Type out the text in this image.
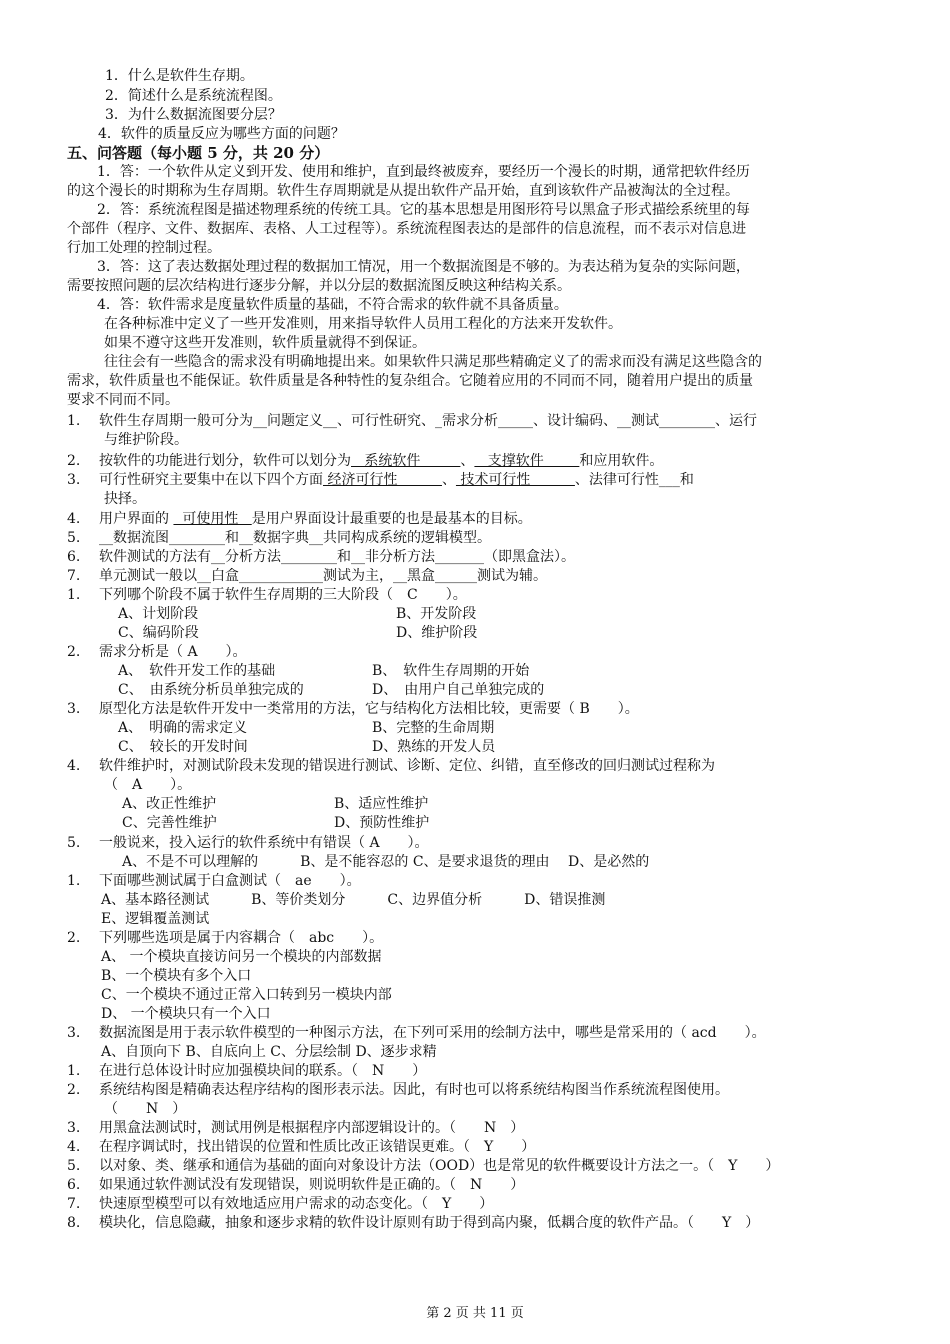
1．什么是软件生存期。
2．简述什么是系统流程图。
3．为什么数据流图要分层？
4．软件的质量反应为哪些方面的问题？
五、问答题（每小题 5 分，共 20 分）
1．答：一个软件从定义到开发、使用和维护，直到最终被废弃，要经历一个漫长的时期，通常把软件经历
的这个漫长的时期称为生存周期。软件生存周期就是从提出软件产品开始，直到该软件产品被淘汰的全过程。
2．答：系统流程图是描述物理系统的传统工具。它的基本思想是用图形符号以黑盒子形式描绘系统里的每
个部件（程序、文件、数据库、表格、人工过程等）。系统流程图表达的是部件的信息流程，而不表示对信息进
行加工处理的控制过程。
3．答：这了表达数据处理过程的数据加工情况，用一个数据流图是不够的。为表达稍为复杂的实际问题，
需要按照问题的层次结构进行逐步分解，并以分层的数据流图反映这种结构关系。
4．答：软件需求是度量软件质量的基础，不符合需求的软件就不具备质量。
在各种标准中定义了一些开发准则，用来指导软件人员用工程化的方法来开发软件。
如果不遵守这些开发准则，软件质量就得不到保证。
往往会有一些隐含的需求没有明确地提出来。如果软件只满足那些精确定义了的需求而没有满足这些隐含的
需求，软件质量也不能保证。软件质量是各种特性的复杂组合。它随着应用的不同而不同，随着用户提出的质量
要求不同而不同。
1. 软件生存周期一般可分为__问题定义__、可行性研究、_需求分析_____、设计编码、__测试________、运行
与维护阶段。
2. 按软件的功能进行划分，软件可以划分为   系统软件         、   支撑软件        和应用软件。
3. 可行性研究主要集中在以下四个方面 经济可行性          、 技术可行性          、法律可行性___和
抉择。
4. 用户界面的   可使用性   是用户界面设计最重要的也是最基本的目标。
5. __数据流图________和__数据字典__共同构成系统的逻辑模型。
6. 软件测试的方法有__分析方法________和__非分析方法_______（即黑盒法）。
7. 单元测试一般以__白盒____________测试为主，__黑盒______测试为辅。
1. 下列哪个阶段不属于软件生存周期的三大阶段（　C　　）。
A、计划阶段	B、开发阶段
C、编码阶段	D、维护阶段
2. 需求分析是（ A　　）。
A、　软件开发工作的基础	B、　软件生存周期的开始
C、　由系统分析员单独完成的	D、　由用户自己单独完成的
3. 原型化方法是软件开发中一类常用的方法，它与结构化方法相比较，更需要（ B　　）。
A、　明确的需求定义	B、完整的生命周期
C、　较长的开发时间	D、熟练的开发人员
4. 软件维护时，对测试阶段未发现的错误进行测试、诊断、定位、纠错，直至修改的回归测试过程称为
（　A　　）。
A、改正性维护	B、适应性维护
C、完善性维护	D、预防性维护
5. 一般说来，投入运行的软件系统中有错误（ A　　）。
A、不是不可以理解的　　　B、是不能容忍的 C、是要求退货的理由　 D、是必然的
1. 下面哪些测试属于白盒测试（　ae　　）。
A、基本路径测试　　　B、等价类划分　　　C、边界值分析　　　D、错误推测
E、逻辑覆盖测试
2. 下列哪些选项是属于内容耦合（　abc　　）。
A、 一个模块直接访问另一个模块的内部数据
B、一个模块有多个入口
C、一个模块不通过正常入口转到另一模块内部
D、 一个模块只有一个入口
3. 数据流图是用于表示软件模型的一种图示方法，在下列可采用的绘制方法中，哪些是常采用的（ acd　　）。
A、自顶向下 B、自底向上 C、分层绘制 D、逐步求精
1. 在进行总体设计时应加强模块间的联系。（　N　　）
2. 系统结构图是精确表达程序结构的图形表示法。因此，有时也可以将系统结构图当作系统流程图使用。
（　　N　）
3. 用黑盒法测试时，测试用例是根据程序内部逻辑设计的。（　　N　）
4. 在程序调试时，找出错误的位置和性质比改正该错误更难。（　Y　　）
5. 以对象、类、继承和通信为基础的面向对象设计方法（OOD）也是常见的软件概要设计方法之一。（　Y　　）
6. 如果通过软件测试没有发现错误，则说明软件是正确的。（　N　　）
7. 快速原型模型可以有效地适应用户需求的动态变化。（　Y　　）
8. 模块化，信息隐藏，抽象和逐步求精的软件设计原则有助于得到高内聚，低耦合度的软件产品。（　　Y　）
第 2 页 共 11 页
